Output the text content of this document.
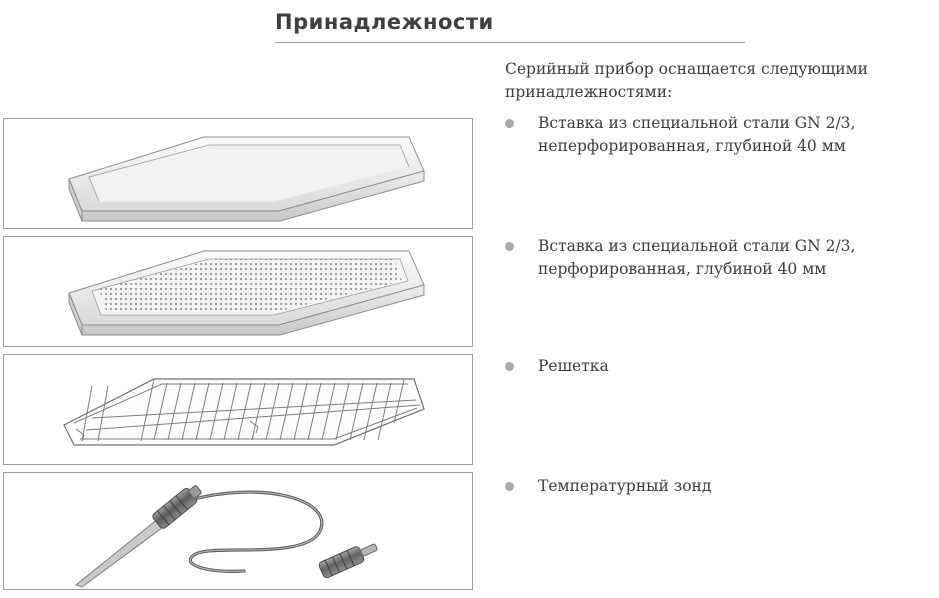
Принадлежности
Серийный прибор оснащается следующими принадлежностями:
Вставка из специальной стали GN 2/3, неперфорированная, глубиной 40 мм
Вставка из специальной стали GN 2/3, перфорированная, глубиной 40 мм
Решетка
Температурный зонд
